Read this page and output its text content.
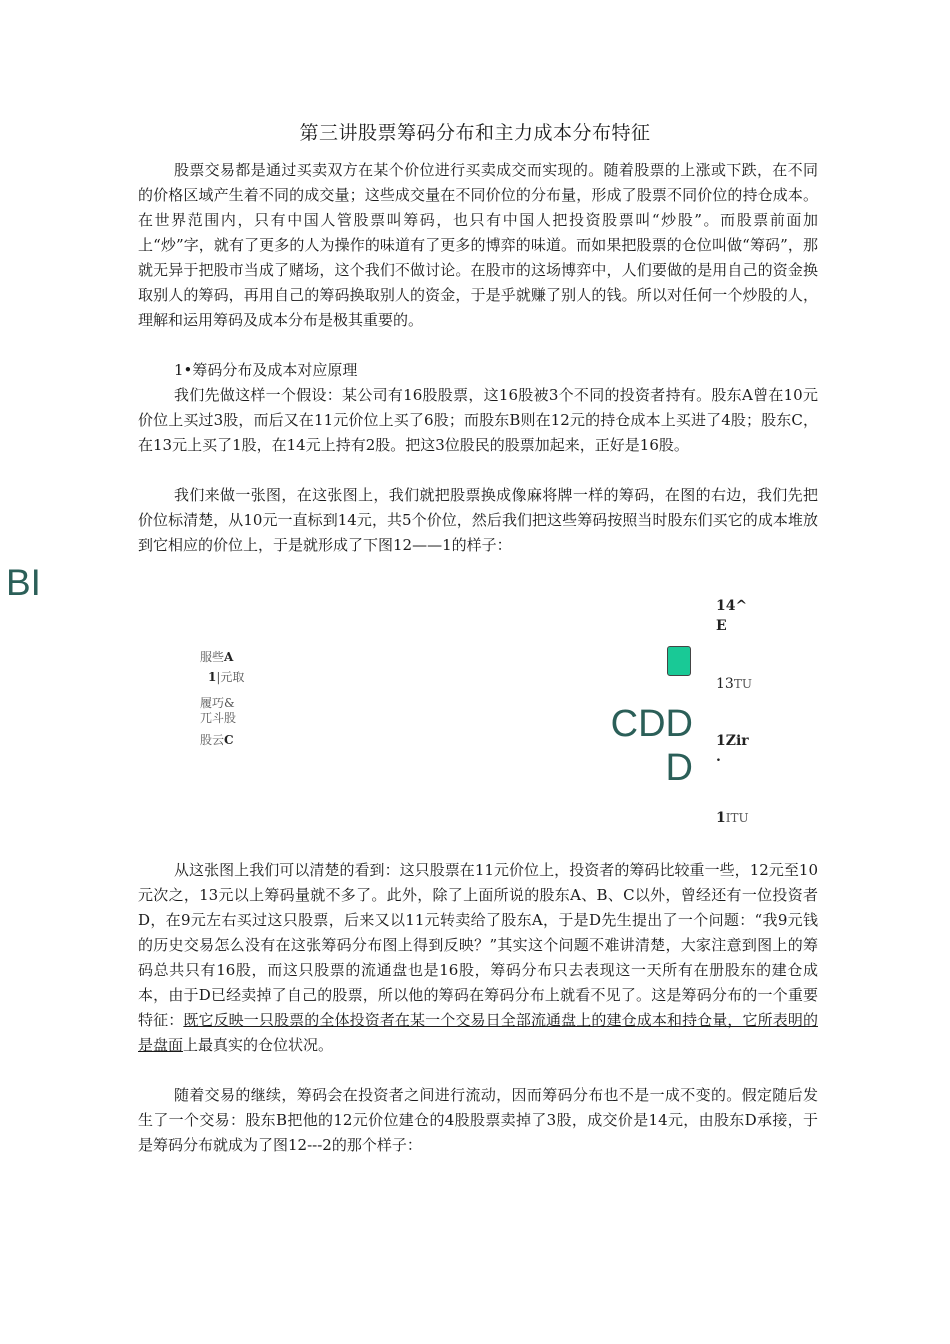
第三讲股票筹码分布和主力成本分布特征

股票交易都是通过买卖双方在某个价位进行买卖成交而实现的。随着股票的上涨或下跌，在不同的价格区域产生着不同的成交量；这些成交量在不同价位的分布量，形成了股票不同价位的持仓成本。在世界范围内，只有中国人管股票叫筹码，也只有中国人把投资股票叫“炒股”。而股票前面加上“炒”字，就有了更多的人为操作的味道有了更多的博弈的味道。而如果把股票的仓位叫做“筹码”，那就无异于把股市当成了赌场，这个我们不做讨论。在股市的这场博弈中，人们要做的是用自己的资金换取别人的筹码，再用自己的筹码换取别人的资金，于是乎就赚了别人的钱。所以对任何一个炒股的人，理解和运用筹码及成本分布是极其重要的。

1•筹码分布及成本对应原理

我们先做这样一个假设：某公司有16股股票，这16股被3个不同的投资者持有。股东A曾在10元价位上买过3股，而后又在11元价位上买了6股；而股东B则在12元的持仓成本上买进了4股；股东C，在13元上买了1股，在14元上持有2股。把这3位股民的股票加起来，正好是16股。

我们来做一张图，在这张图上，我们就把股票换成像麻将牌一样的筹码，在图的右边，我们先把价位标清楚，从10元一直标到14元，共5个价位，然后我们把这些筹码按照当时股东们买它的成本堆放到它相应的价位上，于是就形成了下图12——1的样子：

BI
服些A
1|元取
履巧&
兀斗股
股云C
14^
E
13TU
CDD
D
1Zir
.
1ITU

从这张图上我们可以清楚的看到：这只股票在11元价位上，投资者的筹码比较重一些，12元至10元次之，13元以上筹码量就不多了。此外，除了上面所说的股东A、B、C以外，曾经还有一位投资者D，在9元左右买过这只股票，后来又以11元转卖给了股东A，于是D先生提出了一个问题：“我9元钱的历史交易怎么没有在这张筹码分布图上得到反映？”其实这个问题不难讲清楚，大家注意到图上的筹码总共只有16股，而这只股票的流通盘也是16股，筹码分布只去表现这一天所有在册股东的建仓成本，由于D已经卖掉了自己的股票，所以他的筹码在筹码分布上就看不见了。这是筹码分布的一个重要特征：既它反映一只股票的全体投资者在某一个交易日全部流通盘上的建仓成本和持仓量，它所表明的是盘面上最真实的仓位状况。

随着交易的继续，筹码会在投资者之间进行流动，因而筹码分布也不是一成不变的。假定随后发生了一个交易：股东B把他的12元价位建仓的4股股票卖掉了3股，成交价是14元，由股东D承接，于是筹码分布就成为了图12---2的那个样子：
